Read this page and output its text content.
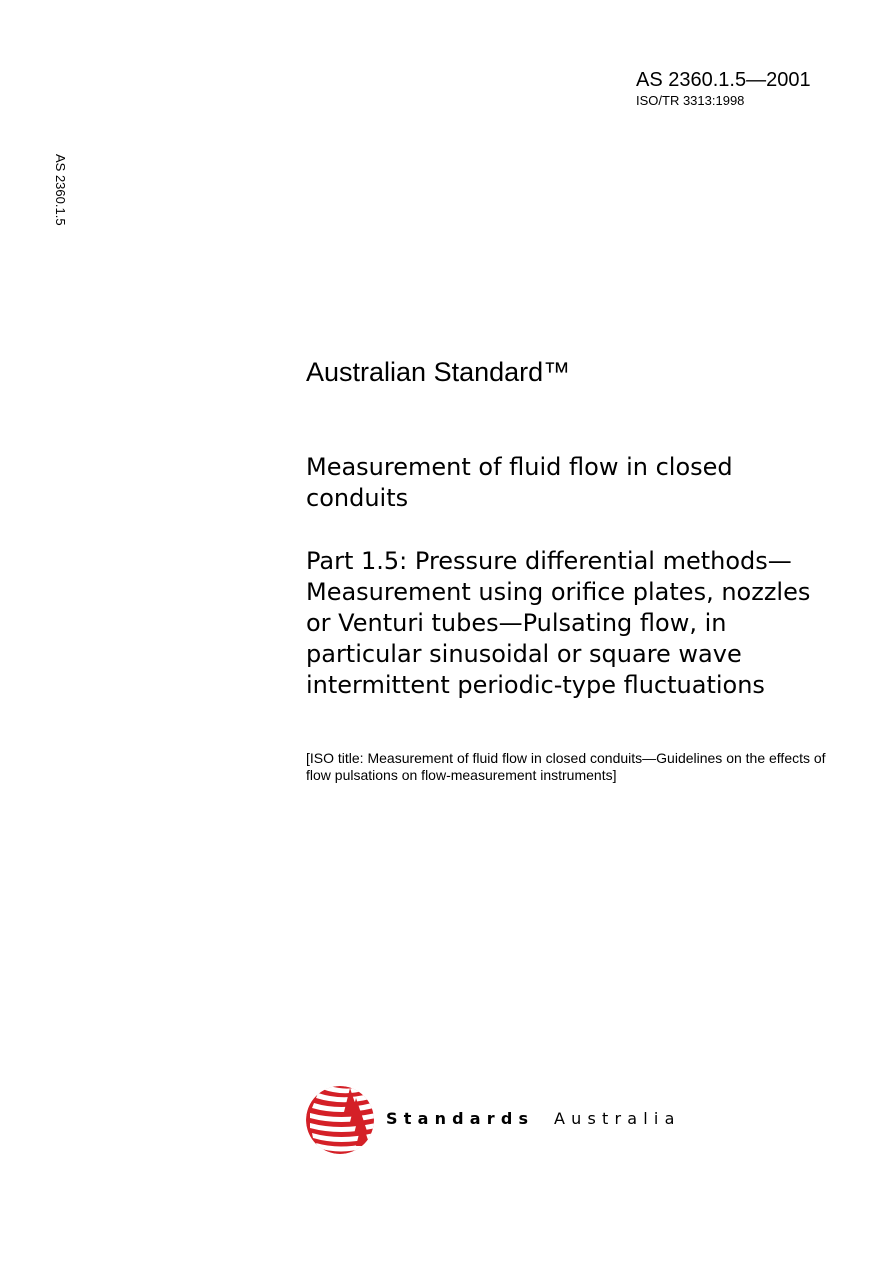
AS 2360.1.5—2001
ISO/TR 3313:1998
AS 2360.1.5
Australian Standard™

Measurement of fluid flow in closed conduits

Part 1.5: Pressure differential methods—Measurement using orifice plates, nozzles or Venturi tubes—Pulsating flow, in particular sinusoidal or square wave intermittent periodic-type fluctuations

[ISO title: Measurement of fluid flow in closed conduits—Guidelines on the effects of flow pulsations on flow-measurement instruments]

Standards Australia
